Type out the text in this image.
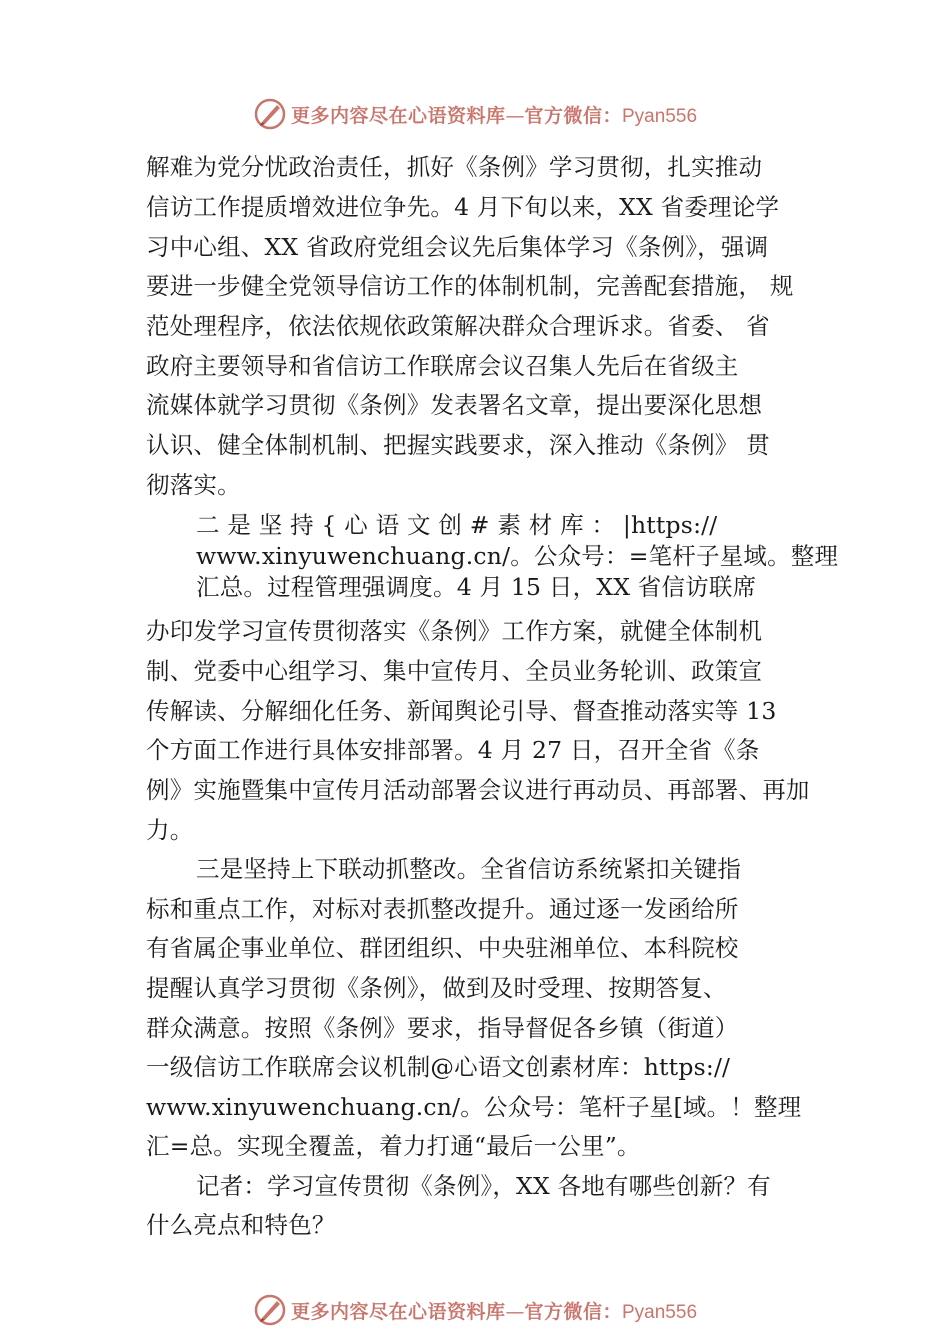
更多内容尽在心语资料库—官方微信：Pyan556
解难为党分忧政治责任，抓好《条例》学习贯彻，扎实推动
信访工作提质增效进位争先。4 月下旬以来，XX 省委理论学
习中心组、XX 省政府党组会议先后集体学习《条例》，强调
要进一步健全党领导信访工作的体制机制，完善配套措施， 规
范处理程序，依法依规依政策解决群众合理诉求。省委、 省
政府主要领导和省信访工作联席会议召集人先后在省级主
流媒体就学习贯彻《条例》发表署名文章，提出要深化思想
认识、健全体制机制、把握实践要求，深入推动《条例》 贯
彻落实。
二 是 坚 持 { 心 语 文 创 # 素 材 库 ： |https://
www.xinyuwenchuang.cn/。公众号：=笔杆子星域。整理
汇总。过程管理强调度。4 月 15 日，XX 省信访联席
办印发学习宣传贯彻落实《条例》工作方案，就健全体制机
制、党委中心组学习、集中宣传月、全员业务轮训、政策宣
传解读、分解细化任务、新闻舆论引导、督查推动落实等 13
个方面工作进行具体安排部署。4 月 27 日，召开全省《条
例》实施暨集中宣传月活动部署会议进行再动员、再部署、再加
力。
三是坚持上下联动抓整改。全省信访系统紧扣关键指
标和重点工作，对标对表抓整改提升。通过逐一发函给所
有省属企事业单位、群团组织、中央驻湘单位、本科院校
提醒认真学习贯彻《条例》，做到及时受理、按期答复、
群众满意。按照《条例》要求，指导督促各乡镇（街道）
一级信访工作联席会议机制@心语文创素材库：https://
www.xinyuwenchuang.cn/。公众号：笔杆子星[域。！整理
汇=总。实现全覆盖，着力打通“最后一公里”。
记者：学习宣传贯彻《条例》，XX 各地有哪些创新？有
什么亮点和特色？
更多内容尽在心语资料库—官方微信：Pyan556
